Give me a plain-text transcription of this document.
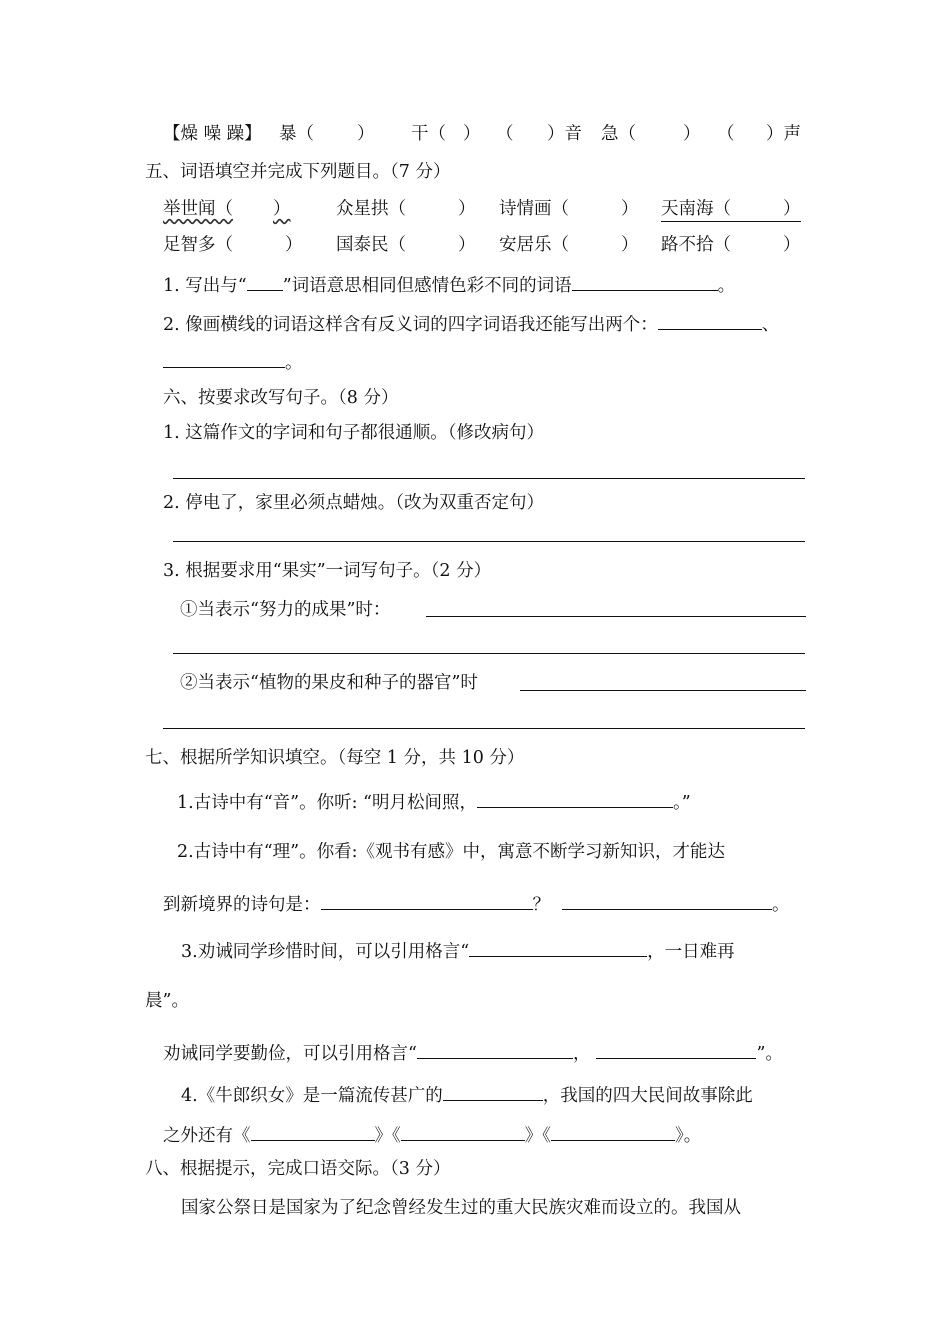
【燥 噪 躁】 暴（ ） 干（ ） （ ）音 急（	） （ ）声
五、词语填空并完成下列题目。（7 分）
举世闻（ ）	众星拱（	） 诗情画（	） 天南海（	）
足智多（	） 国泰民（	） 安居乐（	） 路不拾（	）
1. 写出与“ ”词语意思相同但感情色彩不同的词语	。
2. 像画横线的词语这样含有反义词的四字词语我还能写出两个：	、
。
六、按要求改写句子。（8 分）
1. 这篇作文的字词和句子都很通顺。（修改病句）
2. 停电了，家里必须点蜡烛。（改为双重否定句）
3. 根据要求用“果实”一词写句子。（2 分）
①当表示“努力的成果”时：
②当表示“植物的果皮和种子的器官”时
七、根据所学知识填空。（每空 1 分，共 10 分）
1.古诗中有“音”。你听: “明月松间照，	。”
2.古诗中有“理”。你看:《观书有感》中，寓意不断学习新知识，才能达
到新境界的诗句是：	？	。
3.劝诫同学珍惜时间，可以引用格言“	，一日难再
晨”。
劝诫同学要勤俭，可以引用格言“	，	”。
4.《牛郎织女》是一篇流传甚广的	，我国的四大民间故事除此
之外还有《	》《	》《	》。
八、根据提示，完成口语交际。（3 分）
国家公祭日是国家为了纪念曾经发生过的重大民族灾难而设立的。我国从
